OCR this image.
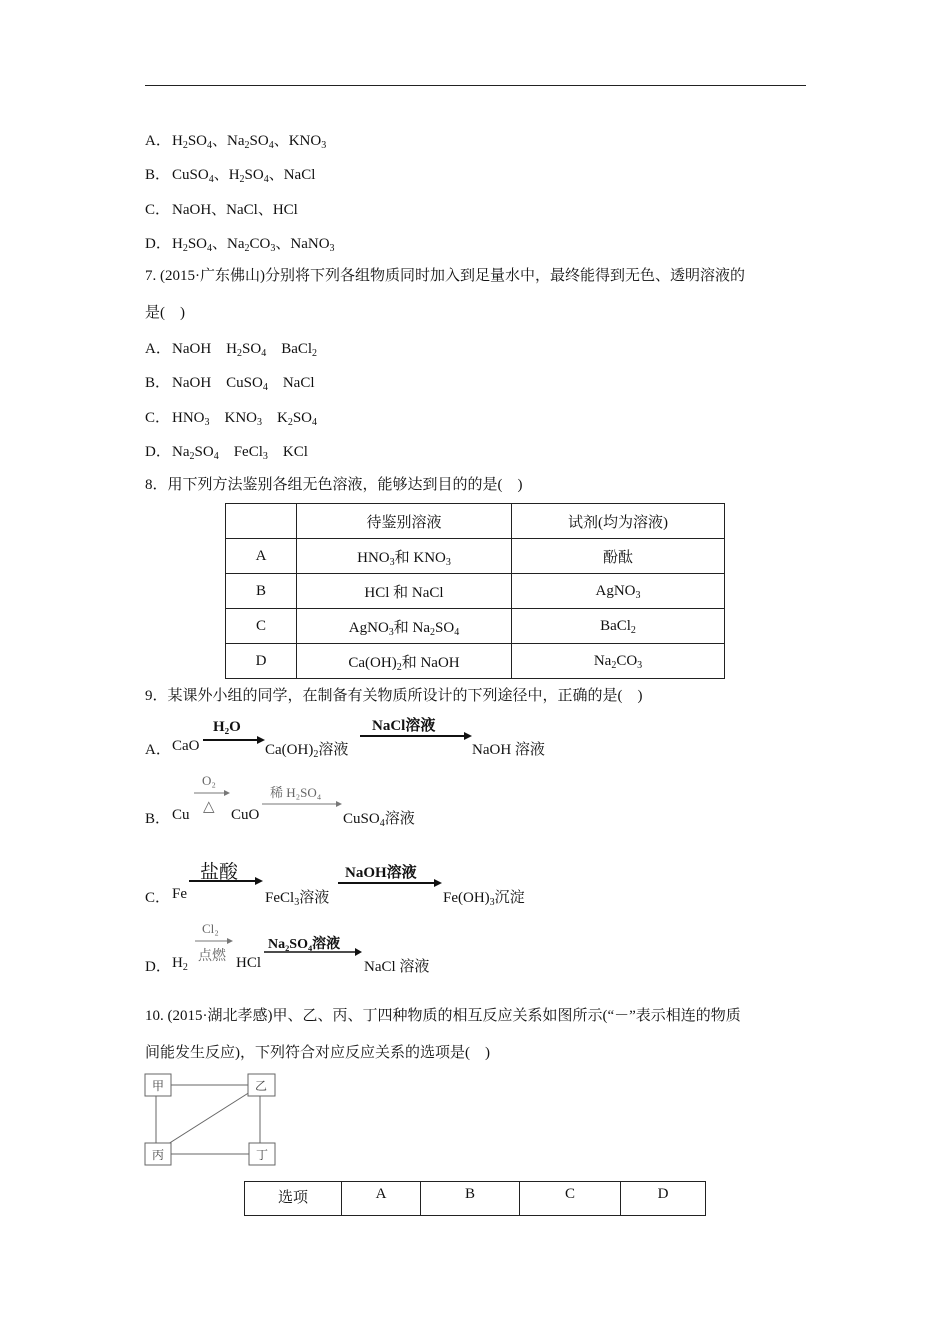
A． $H_2SO_4$、$Na_2SO_4$、$KNO_3$
B． CuSO$_4$、$H_2SO_4$、NaCl
C． NaOH、NaCl、HCl
D． $H_2SO_4$、$Na_2CO_3$、NaNO$_3$
7. (2015·广东佛山)分别将下列各组物质同时加入到足量水中，最终能得到无色、透明溶液的
是(　)
A． NaOH　$H_2SO_4$　BaCl$_2$
B． NaOH　CuSO$_4$　NaCl
C． $HNO_3$　$KNO_3$　$K_2SO_4$
D． $Na_2SO_4$　FeCl$_3$　KCl
8．用下列方法鉴别各组无色溶液，能够达到目的的是(　)
	待鉴别溶液	试剂(均为溶液)
A	$HNO_3$和 $KNO_3$	酚酞
B	HCl 和 NaCl	AgNO$_3$
C	AgNO$_3$和 $Na_2SO_4$	BaCl$_2$
D	$Ca(OH)_2$和 NaOH	$Na_2CO_3$
9．某课外小组的同学，在制备有关物质所设计的下列途径中，正确的是(　)
A． CaO
H₂O
$Ca(OH)_2$溶液
NaCl溶液
NaOH 溶液
B． Cu
O₂
△ CuO
稀 H₂SO₄
CuSO$_4$溶液
C． Fe
盐酸
FeCl$_3$溶液
NaOH溶液
$Fe(OH)_3$沉淀
D． $H_2$
Cl₂
点燃 HCl
Na₂SO₄溶液
NaCl 溶液
10. (2015·湖北孝感)甲、乙、丙、丁四种物质的相互反应关系如图所示(“－”表示相连的物质
间能发生反应)，下列符合对应反应关系的选项是(　)
甲	乙
丙	丁
选项	A	B	C	D
